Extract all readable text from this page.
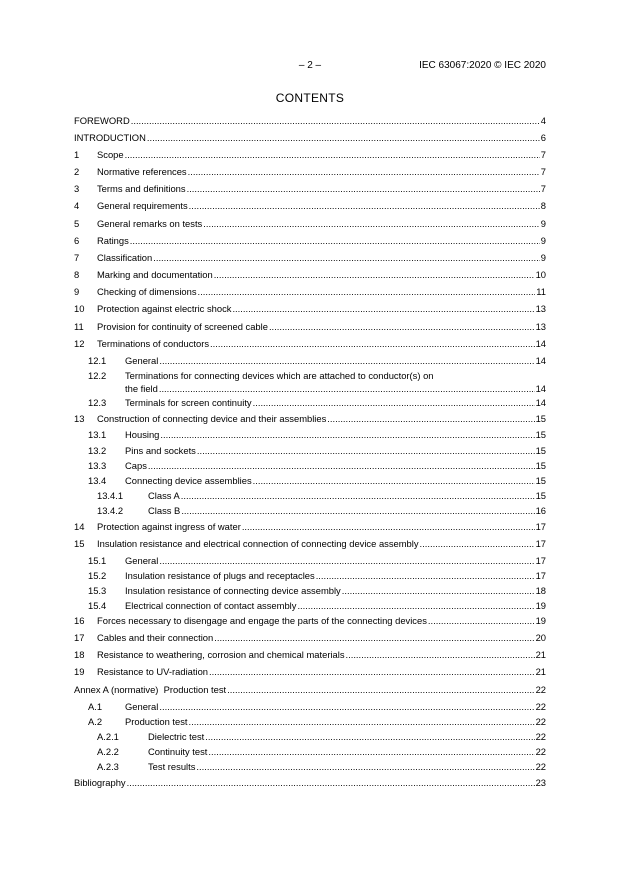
– 2 –	IEC 63067:2020 © IEC 2020
CONTENTS
FOREWORD .....	4
INTRODUCTION .....	6
1 Scope .....	7
2 Normative references .....	7
3 Terms and definitions .....	7
4 General requirements .....	8
5 General remarks on tests .....	9
6 Ratings .....	9
7 Classification .....	9
8 Marking and documentation .....	10
9 Checking of dimensions .....	11
10 Protection against electric shock .....	13
11 Provision for continuity of screened cable .....	13
12 Terminations of conductors .....	14
12.1 General .....	14
12.2 Terminations for connecting devices which are attached to conductor(s) on
the field .....	14
12.3 Terminals for screen continuity .....	14
13 Construction of connecting device and their assemblies .....	15
13.1 Housing .....	15
13.2 Pins and sockets .....	15
13.3 Caps .....	15
13.4 Connecting device assemblies .....	15
13.4.1	Class A .....	15
13.4.2	Class B .....	16
14 Protection against ingress of water .....	17
15 Insulation resistance and electrical connection of connecting device assembly .....	17
15.1 General .....	17
15.2 Insulation resistance of plugs and receptacles .....	17
15.3 Insulation resistance of connecting device assembly .....	18
15.4 Electrical connection of contact assembly .....	19
16 Forces necessary to disengage and engage the parts of the connecting devices .....	19
17 Cables and their connection .....	20
18 Resistance to weathering, corrosion and chemical materials .....	21
19 Resistance to UV-radiation .....	21
Annex A (normative)  Production test .....	22
A.1 General .....	22
A.2 Production test .....	22
A.2.1	Dielectric test .....	22
A.2.2	Continuity test .....	22
A.2.3	Test results .....	22
Bibliography .....	23
